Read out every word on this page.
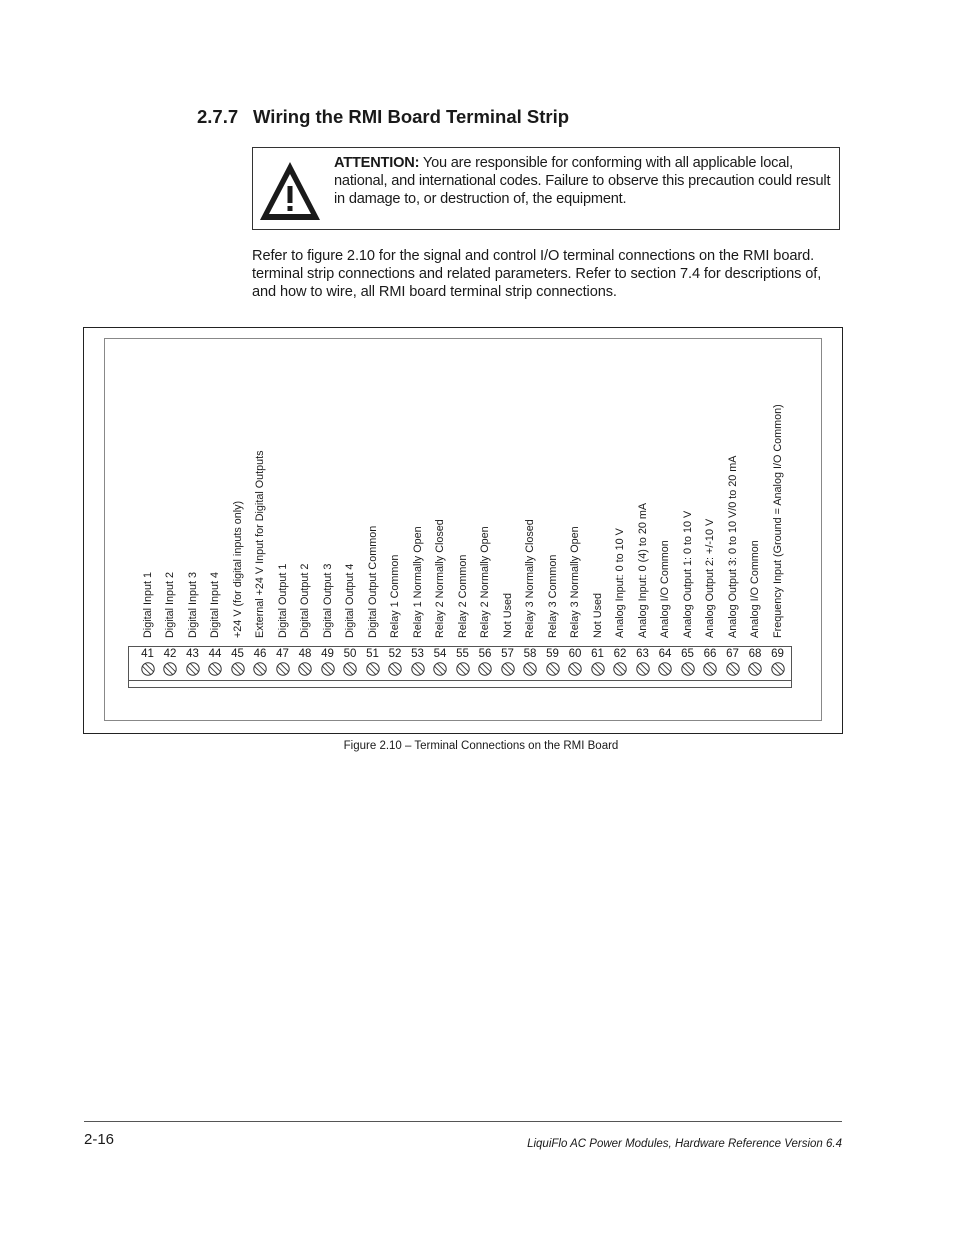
2.7.7 Wiring the RMI Board Terminal Strip
ATTENTION: You are responsible for conforming with all applicable local, national, and international codes. Failure to observe this precaution could result in damage to, or destruction of, the equipment.
Refer to figure 2.10 for the signal and control I/O terminal connections on the RMI board. terminal strip connections and related parameters. Refer to section 7.4 for descriptions of, and how to wire, all RMI board terminal strip connections.
41
Digital Input 1
42
Digital Input 2
43
Digital Input 3
44
Digital Input 4
45
+24 V (for digital inputs only)
46
External +24 V Input for Digital Outputs
47
Digital Output 1
48
Digital Output 2
49
Digital Output 3
50
Digital Output 4
51
Digital Output Common
52
Relay 1 Common
53
Relay 1 Normally Open
54
Relay 2 Normally Closed
55
Relay 2 Common
56
Relay 2 Normally Open
57
Not Used
58
Relay 3 Normally Closed
59
Relay 3 Common
60
Relay 3 Normally Open
61
Not Used
62
Analog Input: 0 to 10 V
63
Analog Input: 0 (4) to 20 mA
64
Analog I/O Common
65
Analog Output 1: 0 to 10 V
66
Analog Output 2: +/-10 V
67
Analog Output 3: 0 to 10 V/0 to 20 mA
68
Analog I/O Common
69
Frequency Input (Ground = Analog I/O Common)
Figure 2.10 – Terminal Connections on the RMI Board
2-16	LiquiFlo AC Power Modules, Hardware Reference Version 6.4
